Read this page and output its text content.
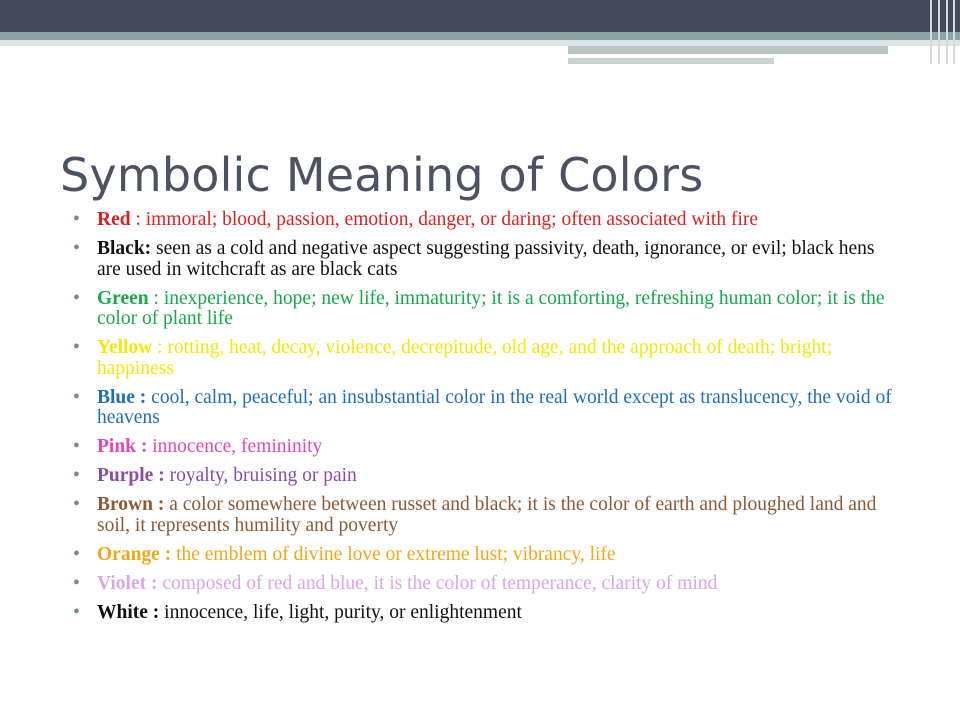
Symbolic Meaning of Colors
• Red : immoral; blood, passion, emotion, danger, or daring; often associated with fire
• Black: seen as a cold and negative aspect suggesting passivity, death, ignorance, or evil; black hens are used in witchcraft as are black cats
• Green : inexperience, hope; new life, immaturity; it is a comforting, refreshing human color; it is the color of plant life
• Yellow : rotting, heat, decay, violence, decrepitude, old age, and the approach of death; bright; happiness
• Blue : cool, calm, peaceful; an insubstantial color in the real world except as translucency, the void of heavens
• Pink : innocence, femininity
• Purple : royalty, bruising or pain
• Brown : a color somewhere between russet and black; it is the color of earth and ploughed land and soil, it represents humility and poverty
• Orange : the emblem of divine love or extreme lust; vibrancy, life
• Violet : composed of red and blue, it is the color of temperance, clarity of mind
• White : innocence, life, light, purity, or enlightenment
